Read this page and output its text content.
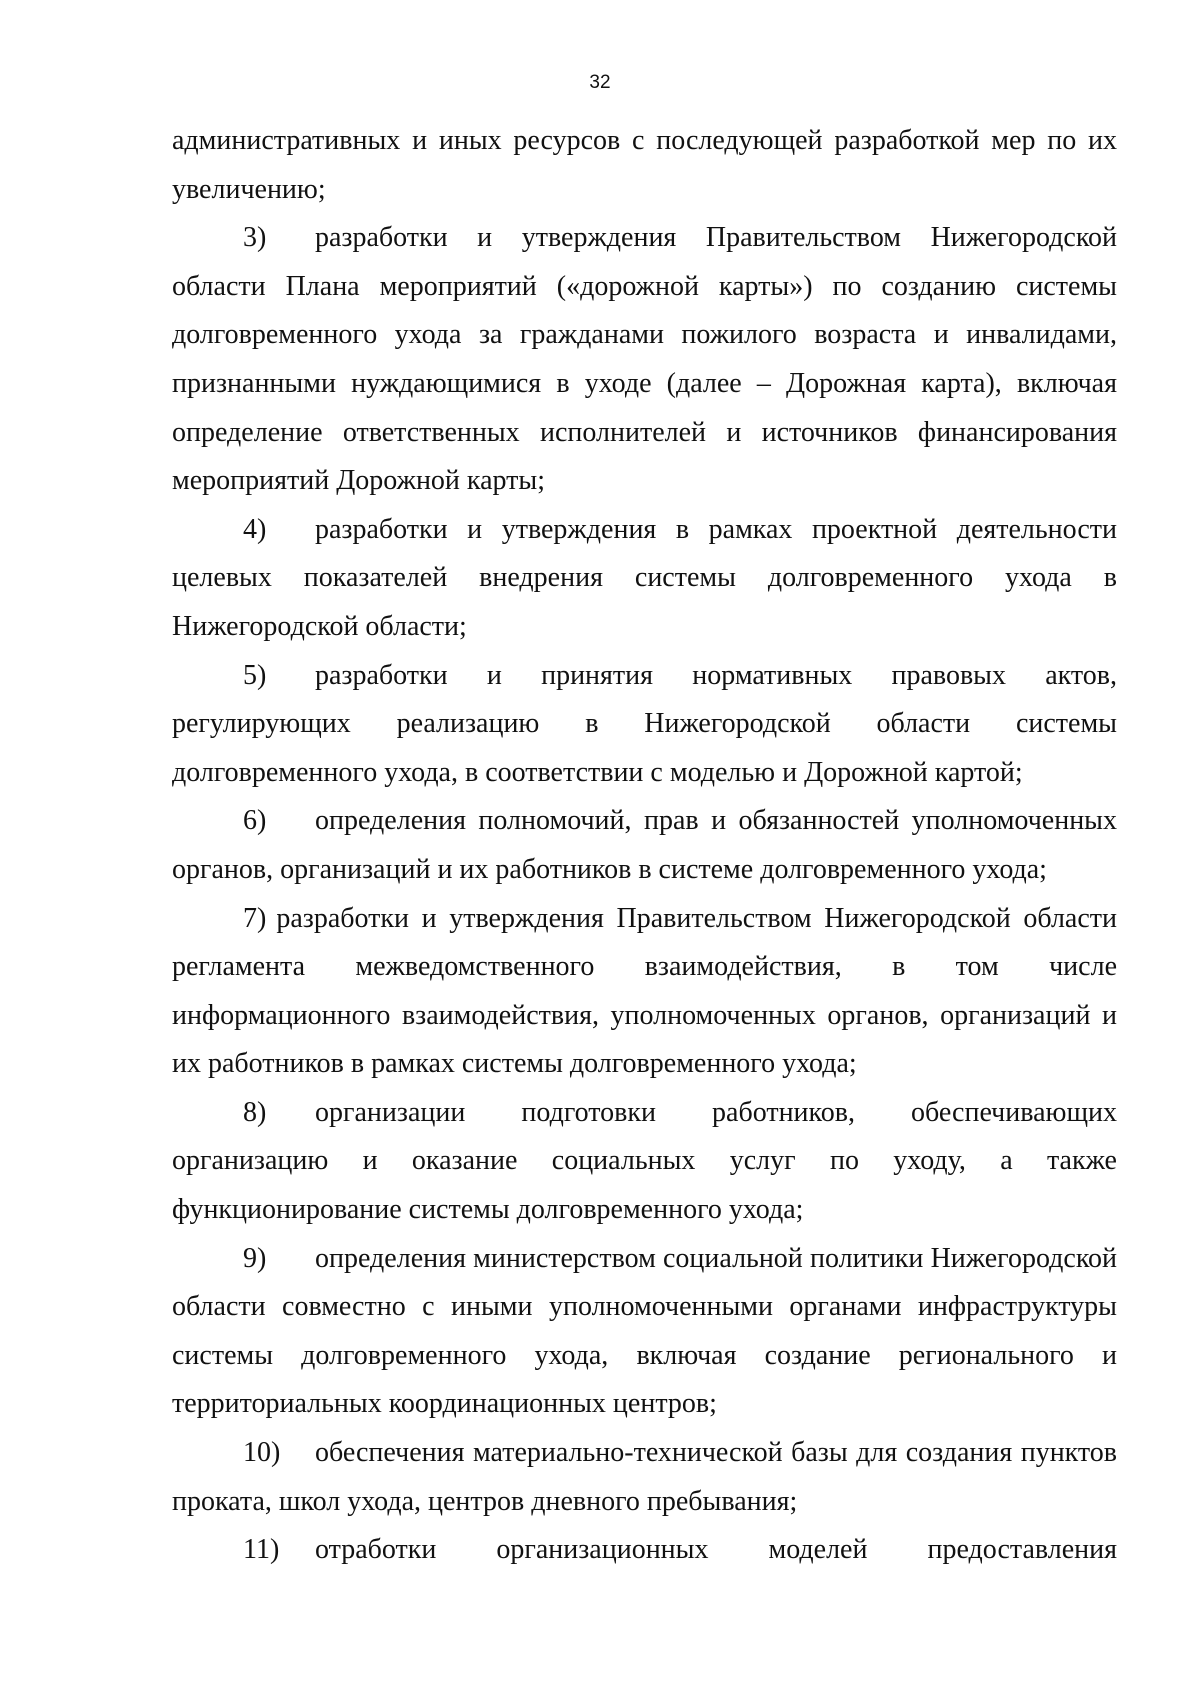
32

административных и иных ресурсов с последующей разработкой мер по их увеличению;

3) разработки и утверждения Правительством Нижегородской области Плана мероприятий («дорожной карты») по созданию системы долговременного ухода за гражданами пожилого возраста и инвалидами, признанными нуждающимися в уходе (далее – Дорожная карта), включая определение ответственных исполнителей и источников финансирования мероприятий Дорожной карты;

4) разработки и утверждения в рамках проектной деятельности целевых показателей внедрения системы долговременного ухода в Нижегородской области;

5) разработки и принятия нормативных правовых актов, регулирующих реализацию в Нижегородской области системы долговременного ухода, в соответствии с моделью и Дорожной картой;

6) определения полномочий, прав и обязанностей уполномоченных органов, организаций и их работников в системе долговременного ухода;

7) разработки и утверждения Правительством Нижегородской области регламента межведомственного взаимодействия, в том числе информационного взаимодействия, уполномоченных органов, организаций и их работников в рамках системы долговременного ухода;

8) организации подготовки работников, обеспечивающих организацию и оказание социальных услуг по уходу, а также функционирование системы долговременного ухода;

9) определения министерством социальной политики Нижегородской области совместно с иными уполномоченными органами инфраструктуры системы долговременного ухода, включая создание регионального и территориальных координационных центров;

10) обеспечения материально-технической базы для создания пунктов проката, школ ухода, центров дневного пребывания;

11) отработки организационных моделей предоставления
